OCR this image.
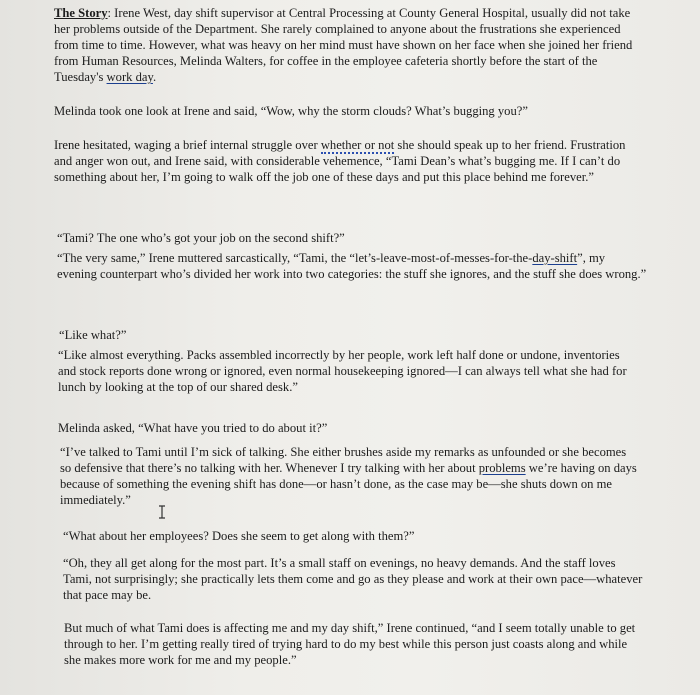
The Story: Irene West, day shift supervisor at Central Processing at County General Hospital, usually did not take her problems outside of the Department. She rarely complained to anyone about the frustrations she experienced from time to time. However, what was heavy on her mind must have shown on her face when she joined her friend from Human Resources, Melinda Walters, for coffee in the employee cafeteria shortly before the start of the Tuesday's work day.

Melinda took one look at Irene and said, “Wow, why the storm clouds? What’s bugging you?”

Irene hesitated, waging a brief internal struggle over whether or not she should speak up to her friend. Frustration and anger won out, and Irene said, with considerable vehemence, “Tami Dean’s what’s bugging me. If I can’t do something about her, I’m going to walk off the job one of these days and put this place behind me forever.”

“Tami? The one who’s got your job on the second shift?”

“The very same,” Irene muttered sarcastically, “Tami, the “let’s-leave-most-of-messes-for-the-day-shift”, my evening counterpart who’s divided her work into two categories: the stuff she ignores, and the stuff she does wrong.”

“Like what?”

“Like almost everything. Packs assembled incorrectly by her people, work left half done or undone, inventories and stock reports done wrong or ignored, even normal housekeeping ignored—I can always tell what she had for lunch by looking at the top of our shared desk.”

Melinda asked, “What have you tried to do about it?”

“I’ve talked to Tami until I’m sick of talking. She either brushes aside my remarks as unfounded or she becomes so defensive that there’s no talking with her. Whenever I try talking with her about problems we’re having on days because of something the evening shift has done—or hasn’t done, as the case may be—she shuts down on me immediately.”

“What about her employees? Does she seem to get along with them?”

“Oh, they all get along for the most part. It’s a small staff on evenings, no heavy demands. And the staff loves Tami, not surprisingly; she practically lets them come and go as they please and work at their own pace—whatever that pace may be.

But much of what Tami does is affecting me and my day shift,” Irene continued, “and I seem totally unable to get through to her. I’m getting really tired of trying hard to do my best while this person just coasts along and while she makes more work for me and my people.”
